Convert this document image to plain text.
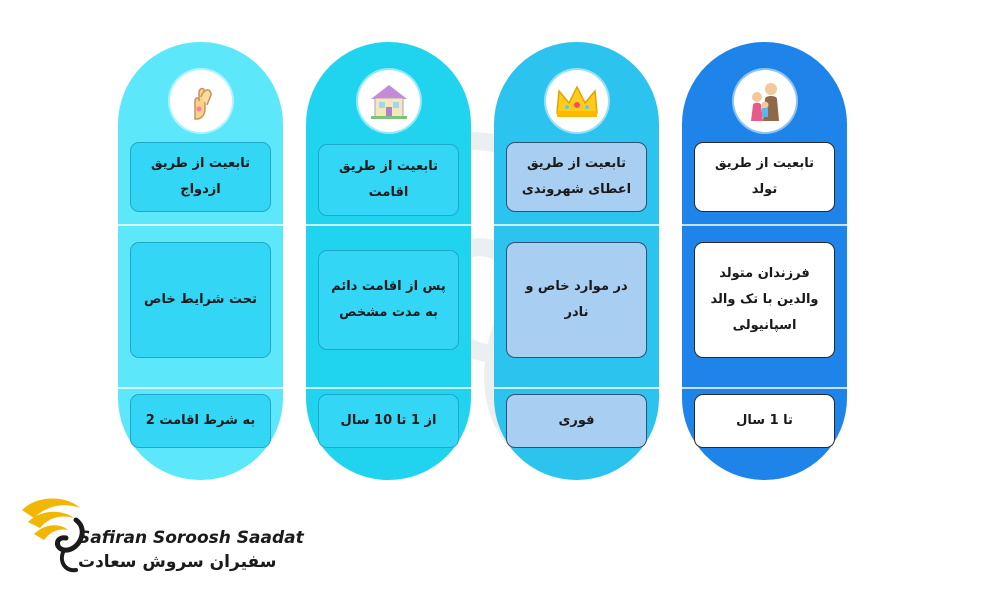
تابعیت از طریق ازدواج
تحت شرایط خاص
به شرط اقامت 2
تابعیت از طریق اقامت
پس از اقامت دائم به مدت مشخص
از 1 تا 10 سال
تابعیت از طریق اعطای شهروندی
در موارد خاص و نادر
فوری
تابعیت از طریق تولد
فرزندان متولد والدین با تک والد اسپانیولی
تا 1 سال
Safiran Soroosh Saadat
سفیران سروش سعادت
